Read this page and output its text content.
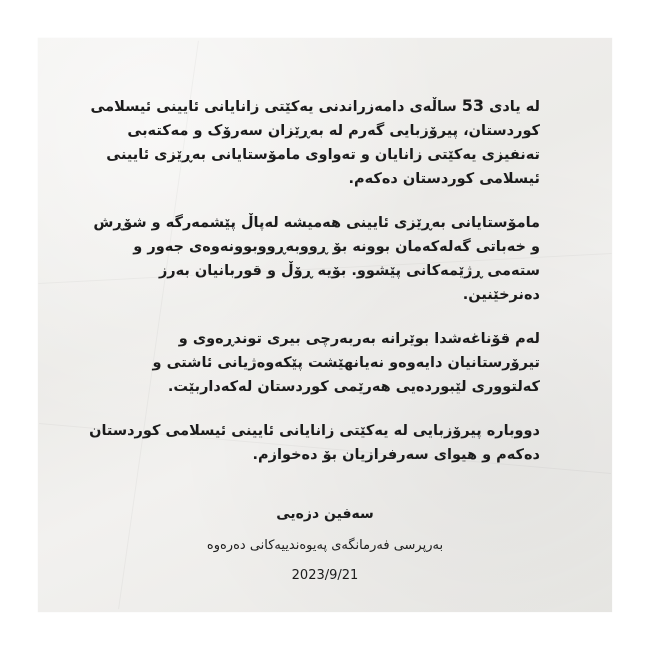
لە یادی 53 ساڵەی دامەزراندنی یەکێتی زانایانی ئایینی ئیسلامی کوردستان، پیرۆزبایی گەرم لە بەڕێزان سەرۆک و مەکتەبی تەنفیزی یەکێتی زانایان و تەواوی مامۆستایانی بەڕێزی ئایینی ئیسلامی کوردستان دەکەم.

مامۆستایانی بەڕێزی ئایینی هەمیشە لەپاڵ پێشمەرگە و شۆڕش و خەباتی گەلەکەمان بوونە بۆ ڕووبەڕووبوونەوەی جەور و ستەمی ڕژێمەکانی پێشوو. بۆیە ڕۆڵ و قوربانیان بەرز دەنرخێنین.

لەم قۆناغەشدا بوێرانە بەربەرچی بیری توندڕەوی و تیرۆرستانیان دایەوەو نەیانهێشت پێکەوەژیانی ئاشتی و کەلتووری لێبوردەیی هەرێمی کوردستان لەکەداربێت.

دووبارە پیرۆزبایی لە یەکێتی زانایانی ئایینی ئیسلامی کوردستان دەکەم و هیوای سەرفرازیان بۆ دەخوازم.

سەفین دزەیی
بەرپرسی فەرمانگەی پەیوەندییەکانی دەرەوە
2023/9/21
